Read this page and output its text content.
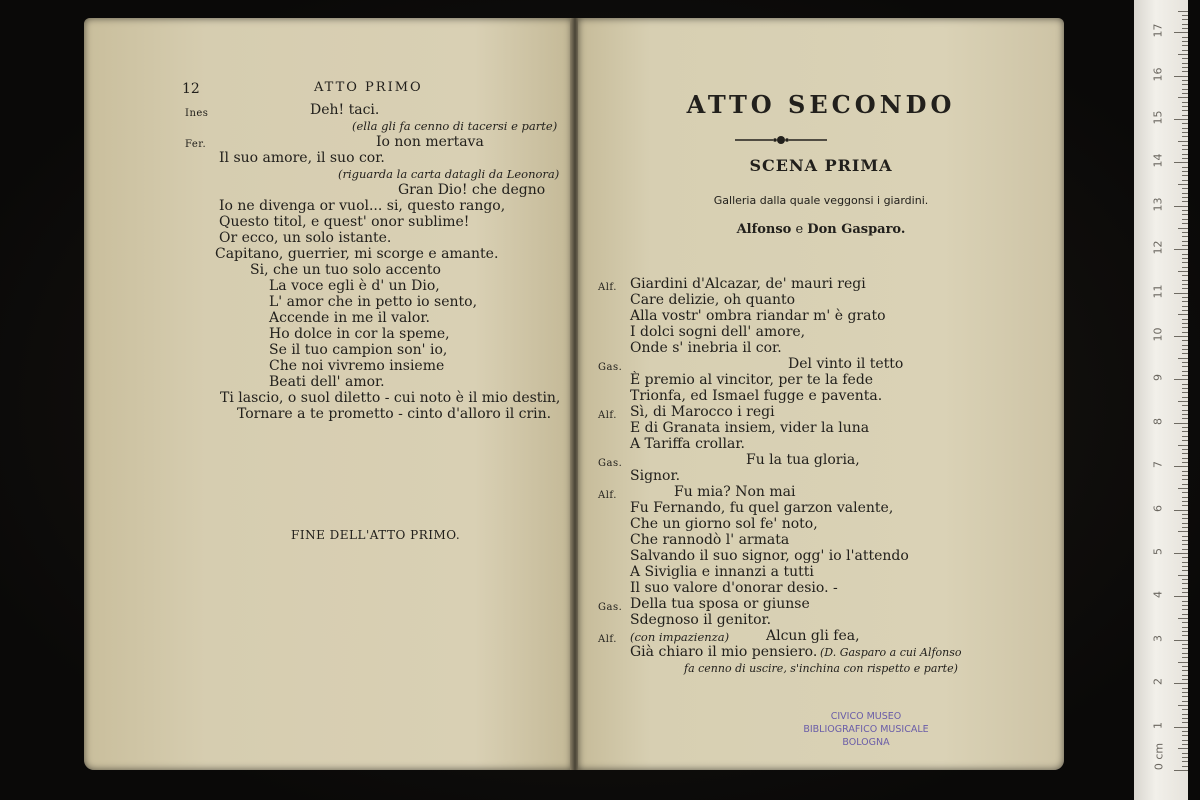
12	ATTO PRIMO
Ines	Deh! taci.
(ella gli fa cenno di tacersi e parte)
Fer.	Io non mertava
Il suo amore, il suo cor.
(riguarda la carta datagli da Leonora)
Gran Dio! che degno
Io ne divenga or vuol... si, questo rango,
Questo titol, e quest' onor sublime!
Or ecco, un solo istante.
Capitano, guerrier, mi scorge e amante.
Si, che un tuo solo accento
La voce egli è d' un Dio,
L' amor che in petto io sento,
Accende in me il valor.
Ho dolce in cor la speme,
Se il tuo campion son' io,
Che noi vivremo insieme
Beati dell' amor.
Ti lascio, o suol diletto - cui noto è il mio destin,
Tornare a te prometto - cinto d'alloro il crin.
FINE DELL'ATTO PRIMO.
ATTO SECONDO
SCENA PRIMA
Galleria dalla quale veggonsi i giardini.
Alfonso e Don Gasparo.
Alf. Giardini d'Alcazar, de' mauri regi
Care delizie, oh quanto
Alla vostr' ombra riandar m' è grato
I dolci sogni dell' amore,
Onde s' inebria il cor.
Gas.	Del vinto il tetto
È premio al vincitor, per te la fede
Trionfa, ed Ismael fugge e paventa.
Alf. Sì, di Marocco i regi
E di Granata insiem, vider la luna
A Tariffa crollar.
Gas.	Fu la tua gloria,
Signor.
Alf.	Fu mia? Non mai
Fu Fernando, fu quel garzon valente,
Che un giorno sol fe' noto,
Che rannodò l' armata
Salvando il suo signor, ogg' io l'attendo
A Siviglia e innanzi a tutti
Il suo valore d'onorar desio. -
Gas. Della tua sposa or giunse
Sdegnoso il genitor.
Alf. (con impazienza)	Alcun gli fea,
Già chiaro il mio pensiero. (D. Gasparo a cui Alfonso
fa cenno di uscire, s'inchina con rispetto e parte)
CIVICO MUSEO
BIBLIOGRAFICO MUSICALE
BOLOGNA
0 cm
1
2
3
4
5
6
7
8
9
10
11
12
13
14
15
16
17
